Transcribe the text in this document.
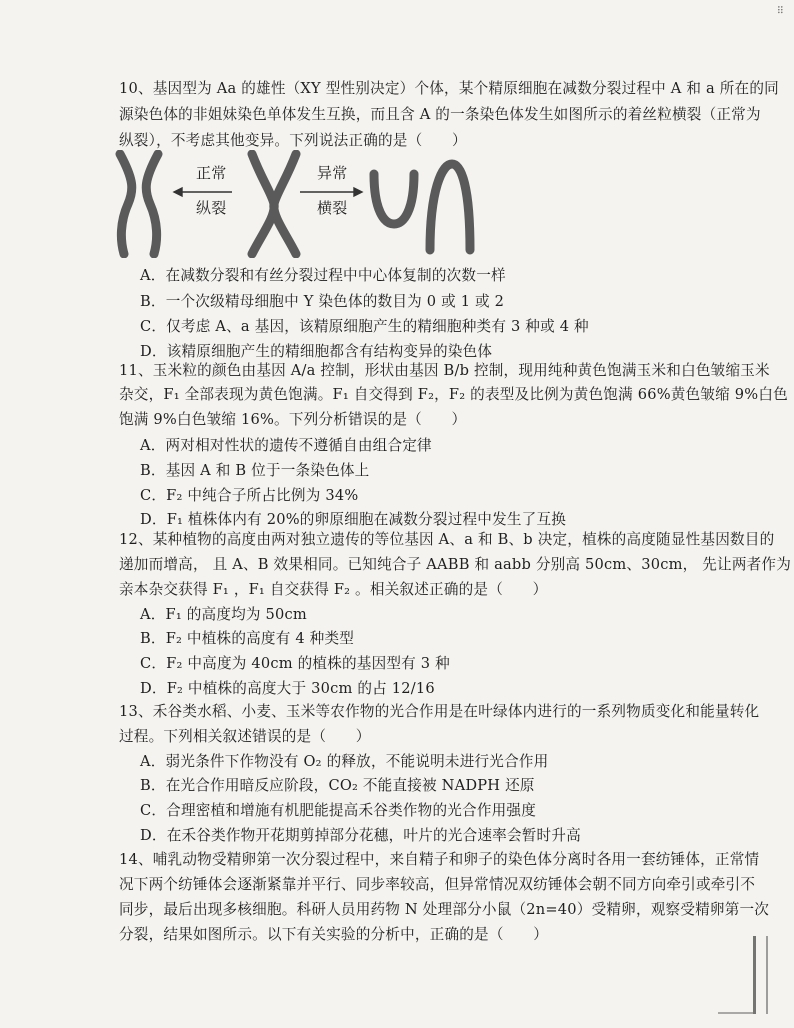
⠿
10、基因型为 Aa 的雄性（XY 型性别决定）个体，某个精原细胞在减数分裂过程中 A 和 a 所在的同
源染色体的非姐妹染色单体发生互换，而且含 A 的一条染色体发生如图所示的着丝粒横裂（正常为
纵裂），不考虑其他变异。下列说法正确的是（　　）
正常
纵裂
异常
横裂
A．在减数分裂和有丝分裂过程中中心体复制的次数一样
B．一个次级精母细胞中 Y 染色体的数目为 0 或 1 或 2
C．仅考虑 A、a 基因，该精原细胞产生的精细胞种类有 3 种或 4 种
D．该精原细胞产生的精细胞都含有结构变异的染色体
11、玉米粒的颜色由基因 A/a 控制，形状由基因 B/b 控制，现用纯种黄色饱满玉米和白色皱缩玉米
杂交，F₁ 全部表现为黄色饱满。F₁ 自交得到 F₂，F₂ 的表型及比例为黄色饱满 66%黄色皱缩 9%白色
饱满 9%白色皱缩 16%。下列分析错误的是（　　）
A．两对相对性状的遗传不遵循自由组合定律
B．基因 A 和 B 位于一条染色体上
C．F₂ 中纯合子所占比例为 34%
D．F₁ 植株体内有 20%的卵原细胞在减数分裂过程中发生了互换
12、某种植物的高度由两对独立遗传的等位基因 A、a 和 B、b 决定，植株的高度随显性基因数目的
递加而增高， 且 A、B 效果相同。已知纯合子 AABB 和 aabb 分别高 50cm、30cm， 先让两者作为
亲本杂交获得 F₁ ，F₁ 自交获得 F₂ 。相关叙述正确的是（　　）
A．F₁ 的高度均为 50cm
B．F₂ 中植株的高度有 4 种类型
C．F₂ 中高度为 40cm 的植株的基因型有 3 种
D．F₂ 中植株的高度大于 30cm 的占 12/16
13、禾谷类水稻、小麦、玉米等农作物的光合作用是在叶绿体内进行的一系列物质变化和能量转化
过程。下列相关叙述错误的是（　　）
A．弱光条件下作物没有 O₂ 的释放，不能说明未进行光合作用
B．在光合作用暗反应阶段，CO₂ 不能直接被 NADPH 还原
C．合理密植和增施有机肥能提高禾谷类作物的光合作用强度
D．在禾谷类作物开花期剪掉部分花穗，叶片的光合速率会暂时升高
14、哺乳动物受精卵第一次分裂过程中，来自精子和卵子的染色体分离时各用一套纺锤体，正常情
况下两个纺锤体会逐渐紧靠并平行、同步率较高，但异常情况双纺锤体会朝不同方向牵引或牵引不
同步，最后出现多核细胞。科研人员用药物 N 处理部分小鼠（2n=40）受精卵，观察受精卵第一次
分裂，结果如图所示。以下有关实验的分析中，正确的是（　　）
